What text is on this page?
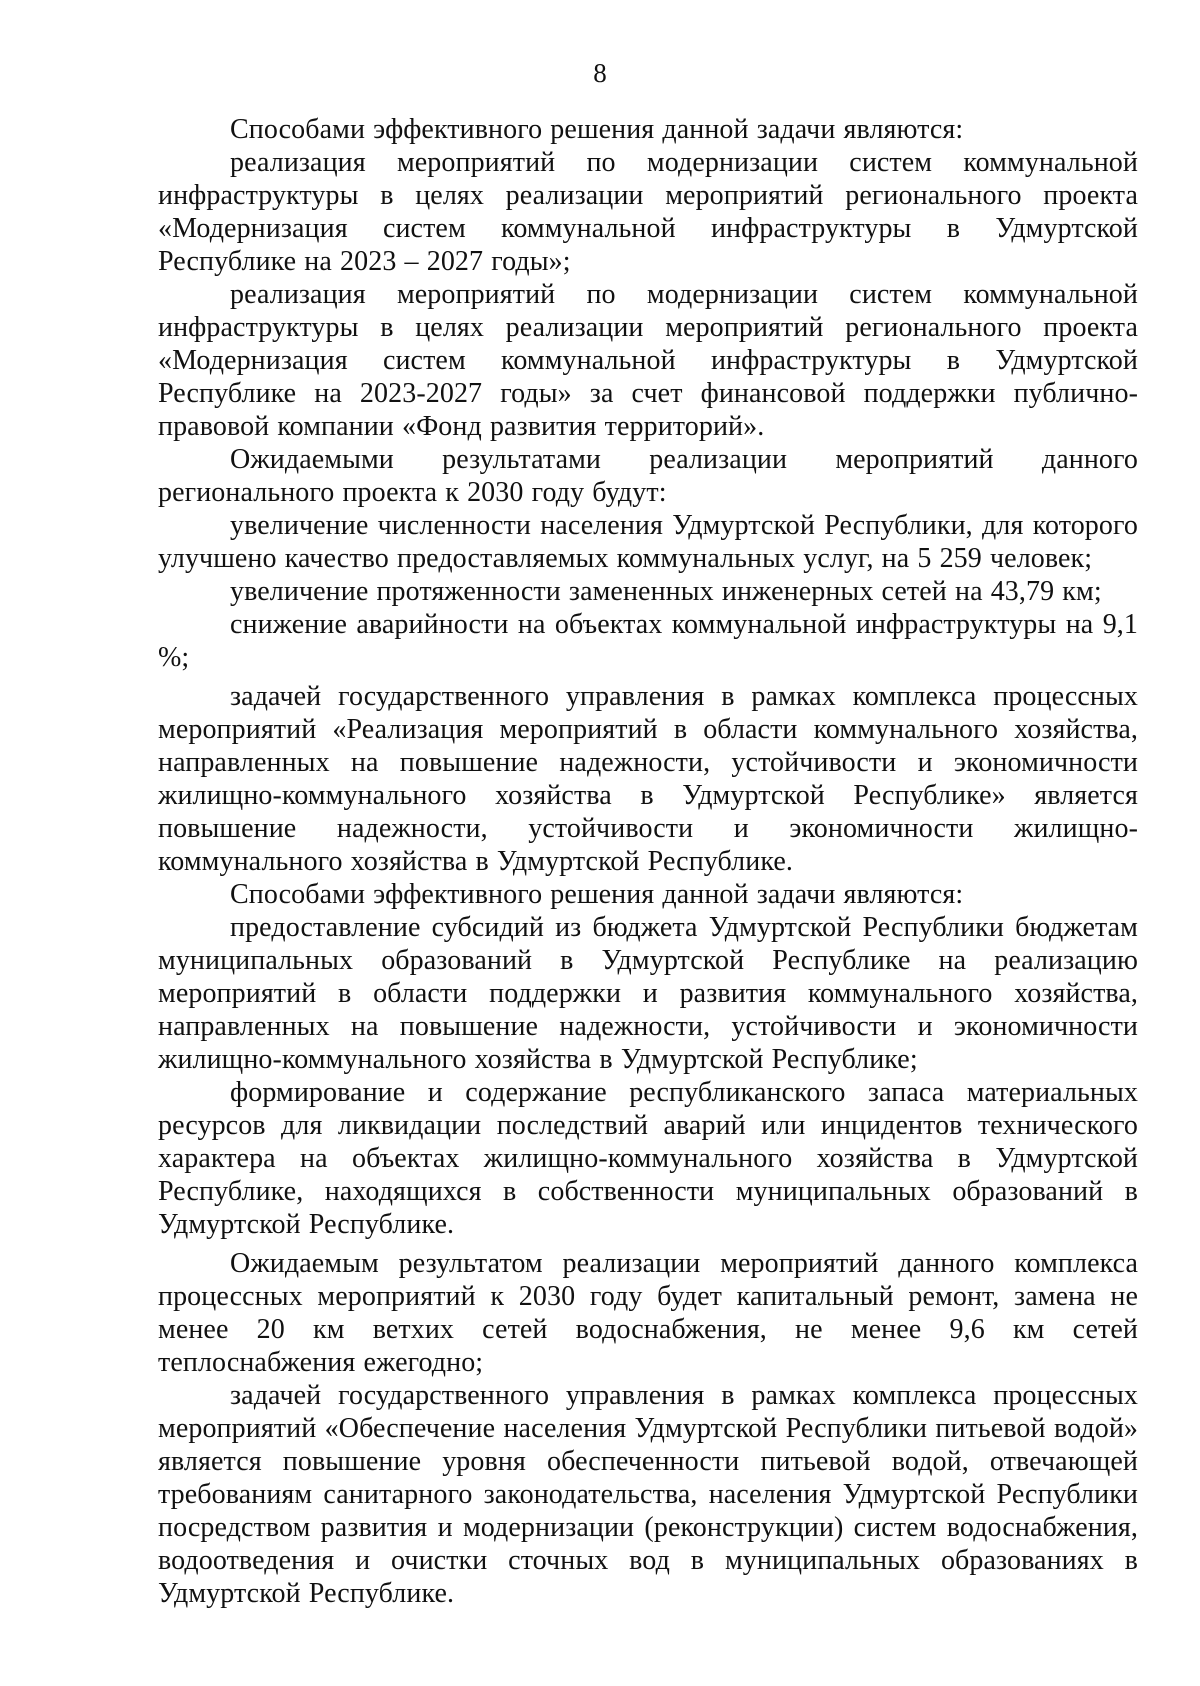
8

Способами эффективного решения данной задачи являются:

реализация мероприятий по модернизации систем коммунальной инфраструктуры в целях реализации мероприятий регионального проекта «Модернизация систем коммунальной инфраструктуры в Удмуртской Республике на 2023 – 2027 годы»;

реализация мероприятий по модернизации систем коммунальной инфраструктуры в целях реализации мероприятий регионального проекта «Модернизация систем коммунальной инфраструктуры в Удмуртской Республике на 2023-2027 годы» за счет финансовой поддержки публично-правовой компании «Фонд развития территорий».

Ожидаемыми результатами реализации мероприятий данного регионального проекта к 2030 году будут:

увеличение численности населения Удмуртской Республики, для которого улучшено качество предоставляемых коммунальных услуг, на 5 259 человек;

увеличение протяженности замененных инженерных сетей на 43,79 км;

снижение аварийности на объектах коммунальной инфраструктуры на 9,1 %;

задачей государственного управления в рамках комплекса процессных мероприятий «Реализация мероприятий в области коммунального хозяйства, направленных на повышение надежности, устойчивости и экономичности жилищно-коммунального хозяйства в Удмуртской Республике» является повышение надежности, устойчивости и экономичности жилищно-коммунального хозяйства в Удмуртской Республике.

Способами эффективного решения данной задачи являются:

предоставление субсидий из бюджета Удмуртской Республики бюджетам муниципальных образований в Удмуртской Республике на реализацию мероприятий в области поддержки и развития коммунального хозяйства, направленных на повышение надежности, устойчивости и экономичности жилищно-коммунального хозяйства в Удмуртской Республике;

формирование и содержание республиканского запаса материальных ресурсов для ликвидации последствий аварий или инцидентов технического характера на объектах жилищно-коммунального хозяйства в Удмуртской Республике, находящихся в собственности муниципальных образований в Удмуртской Республике.

Ожидаемым результатом реализации мероприятий данного комплекса процессных мероприятий к 2030 году будет капитальный ремонт, замена не менее 20 км ветхих сетей водоснабжения, не менее 9,6 км сетей теплоснабжения ежегодно;

задачей государственного управления в рамках комплекса процессных мероприятий «Обеспечение населения Удмуртской Республики питьевой водой» является повышение уровня обеспеченности питьевой водой, отвечающей требованиям санитарного законодательства, населения Удмуртской Республики посредством развития и модернизации (реконструкции) систем водоснабжения, водоотведения и очистки сточных вод в муниципальных образованиях в Удмуртской Республике.
